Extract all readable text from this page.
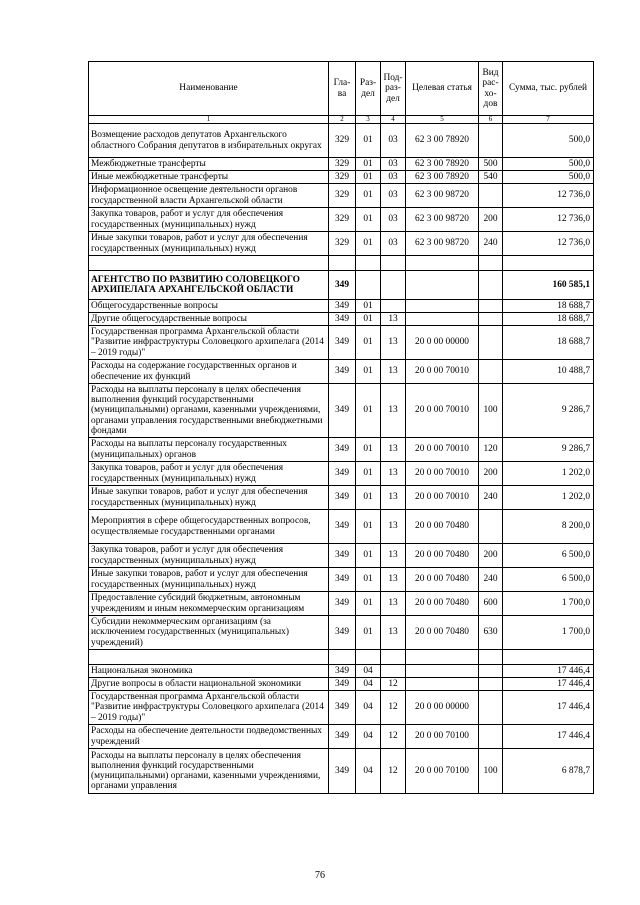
Наименование	Гла-ва	Раз-дел	Под-раз-дел	Целевая статья	Вид рас-хо-дов	Сумма, тыс. рублей
1	2	3	4	5	6	7
Возмещение расходов депутатов Архангельского областного Собрания депутатов в избирательных округах	329	01	03	62 3 00 78920		500,0
Межбюджетные трансферты	329	01	03	62 3 00 78920	500	500,0
Иные межбюджетные трансферты	329	01	03	62 3 00 78920	540	500,0
Информационное освещение деятельности органов государственной власти Архангельской области	329	01	03	62 3 00 98720		12 736,0
Закупка товаров, работ и услуг для обеспечения государственных (муниципальных) нужд	329	01	03	62 3 00 98720	200	12 736,0
Иные закупки товаров, работ и услуг для обеспечения государственных (муниципальных) нужд	329	01	03	62 3 00 98720	240	12 736,0

АГЕНТСТВО ПО РАЗВИТИЮ СОЛОВЕЦКОГО АРХИПЕЛАГА АРХАНГЕЛЬСКОЙ ОБЛАСТИ	349					160 585,1
Общегосударственные вопросы	349	01				18 688,7
Другие общегосударственные вопросы	349	01	13			18 688,7
Государственная программа Архангельской области "Развитие инфраструктуры Соловецкого архипелага (2014 – 2019 годы)"	349	01	13	20 0 00 00000		18 688,7
Расходы на содержание государственных органов и обеспечение их функций	349	01	13	20 0 00 70010		10 488,7
Расходы на выплаты персоналу в целях обеспечения выполнения функций государственными (муниципальными) органами, казенными учреждениями, органами управления государственными внебюджетными фондами	349	01	13	20 0 00 70010	100	9 286,7
Расходы на выплаты персоналу государственных (муниципальных) органов	349	01	13	20 0 00 70010	120	9 286,7
Закупка товаров, работ и услуг для обеспечения государственных (муниципальных) нужд	349	01	13	20 0 00 70010	200	1 202,0
Иные закупки товаров, работ и услуг для обеспечения государственных (муниципальных) нужд	349	01	13	20 0 00 70010	240	1 202,0
Мероприятия в сфере общегосударственных вопросов, осуществляемые государственными органами	349	01	13	20 0 00 70480		8 200,0
Закупка товаров, работ и услуг для обеспечения государственных (муниципальных) нужд	349	01	13	20 0 00 70480	200	6 500,0
Иные закупки товаров, работ и услуг для обеспечения государственных (муниципальных) нужд	349	01	13	20 0 00 70480	240	6 500,0
Предоставление субсидий бюджетным, автономным учреждениям и иным некоммерческим организациям	349	01	13	20 0 00 70480	600	1 700,0
Субсидии некоммерческим организациям (за исключением государственных (муниципальных) учреждений)	349	01	13	20 0 00 70480	630	1 700,0

Национальная экономика	349	04				17 446,4
Другие вопросы в области национальной экономики	349	04	12			17 446,4
Государственная программа Архангельской области "Развитие инфраструктуры Соловецкого архипелага (2014 – 2019 годы)"	349	04	12	20 0 00 00000		17 446,4
Расходы на обеспечение деятельности подведомственных учреждений	349	04	12	20 0 00 70100		17 446,4
Расходы на выплаты персоналу в целях обеспечения выполнения функций государственными (муниципальными) органами, казенными учреждениями, органами управления	349	04	12	20 0 00 70100	100	6 878,7
76
